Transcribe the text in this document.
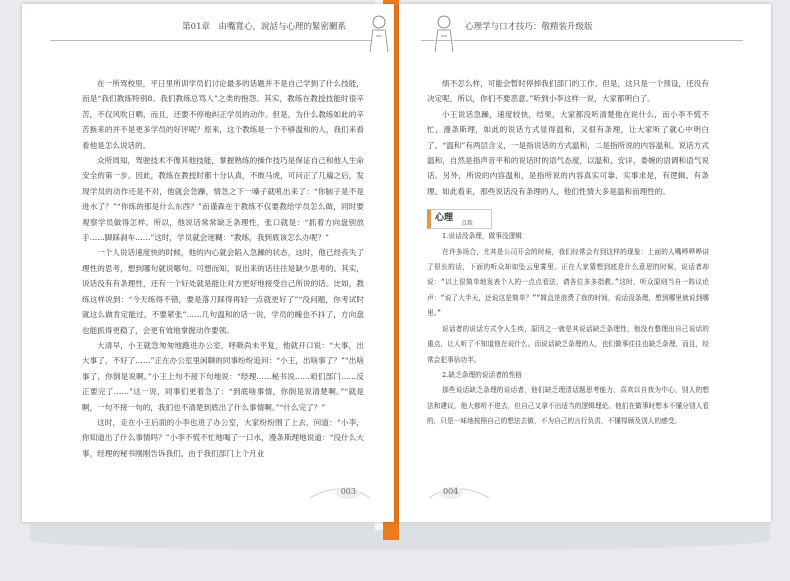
第01章　由嘴寬心，說話与心理的緊密關系

在一所驾校里，平日里所训学员们讨论最多的话题并不是自己学到了什么技能，而是“我们教练特别8。我们教练总骂人”之类的抱怨。其实，教练在教授技能时很辛苦，不仅风吹日晒，而且，还要不停地纠正学员的动作。但是，为什么教练如此的辛苦换来的并不是更多学员的好评呢？原来，这个教练是一个不够温和的人，我们来看看他是怎么说话的。

众所周知，驾驶技术不像其他技能，掌握熟练的操作技巧是保证自己和他人生命安全的第一步。因此，教练在教授时都十分认真，不敢马虎，可问正了几遍之后，发现学员的动作还是不对，他就会急躁，情急之下一嗓子就吼出来了：“你脑子是不是进水了？”“你练的那是什么东西？”而谨森在于教练不仅要教给学员怎么做，同时要观察学员做得怎样。所以，他说话常常缺乏条理性，张口就是：“抓着方向盘别放手……脚踩刹车……”这时，学员就会迷糊：“教练，我到底该怎么办呢？”

一个人说话速度快的时候，他的内心就会陷入急躁的状态，这时，他已经丧失了理性的思考，想到哪句就说哪句。可想而知，说出来的话往往是缺少思考的。其实，说话没有有条理性，还有一个好处就是能让对方更好地接受自己所说的话。比如，教练这样说到：“今天练得不错，要是落刀踩得再轻一点就更好了”“没问题，你考试时就这么做肯定能过，不要紧张”……几句温和的话一说，学员的魄也不抖了，方向盘也能抓得更稳了，会更有效地掌握动作要领。

大清早，小王就急匆匆地跑进办公室，呼吸尚未平复，他就开口说：“大事，出大事了，不好了……”正在办公室里闲聊的同事纷纷追问：“小王，出啥事了？”“出啥事了，你倒是说啊。”小王上句不接下句地说：“经理……秘书说……咱们部门……反正要完了……”这一说，同事们更着急了：“到底啥事情，你倒是说清楚啊。”“就是啊，一句不接一句的，我们也不清楚到底出了什么事情啊。”“什么完了？”

这时，走在小王后面的小李也进了办公室，大家纷纷围了上去，问道：“小李，你知道出了什么事情吗？”小李不慌不忙地喝了一口水，漫条斯理地说道：“没什么大事，经理的秘书刚刚告诉我们，由于我们部门上个月业

003
心理学与口才技巧：敬精装升级版

绩不怎么样，可能会暂时停掉我们部门的工作。但是，这只是一个预设，还没有决定呢，所以，你们不要恶意。”听到小李这样一说，大家都明白了。

小王说话急躁，速度较快，结果，大家都没听清楚他在说什么，而小李不慌不忙，漫条斯理，如此的说话方式显得温和，又很有条理，让大家听了就心中明白了。“温和”有两层含义，一是指说话的方式温和，二是指所说的内容温和。说话方式温和，自然是指声音平和的说话时的语气态度，以温和、安详、委婉的语调和语气说话。另外，所说的内容温和，是指所说的内容真实可靠、实事求是，有逻辑、有条理。如此看来，那些说话没有条理的人，他们性情大多是温和而理性的。

心理
点拨

1.说话没条理，做事没逻辑

在许多场合，尤其是公司开会的时候，我们经常会有到这样的现象：上面的人嘴哗哗哗讲了很长的话，下面的听众却如坠云里雾里。正在大家猜想到底是什么意思的时候，说话者却说：“以上很简单地发表个人的一点点看法，请各位多多指教。”这时，听众原则当自一阵议论声：“说了大半天，还说这是简单？”“简直是浪费了我的时间，说话没条理，想到哪里就说到哪里。”

说话者的说话方式令人生疾，原因之一就是其说话缺乏条理性，他没有整理出自己说话的重点，让人听了不知道他在说什么。而说话缺乏条理的人，也们做事往往也缺乏条理，而且，经常会犯事倍功半。

2.缺乏条理的说话者的性格

那些说话缺乏条理的说话者，他们缺乏理清话题思考能力，喜欢以自我为中心，别人的想法和建议，他大都听不进去，但自己又拿不出适当的逻辑理论。他们在做事时想本不懂分别人看的，只是一味地按照自己的想法去做，不为自己的言行负责，不懂得顾及别人的感受。

004
